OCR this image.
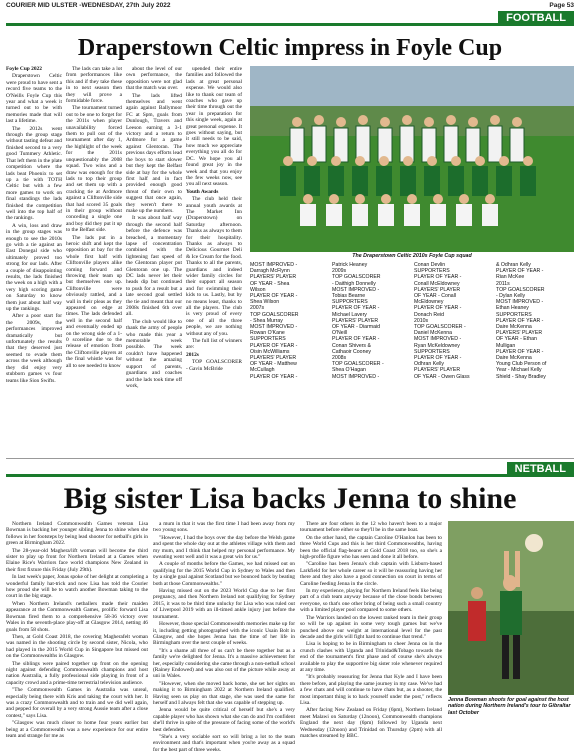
COURIER MID ULSTER -WEDNESDAY, 27th July 2022	Page 53
FOOTBALL
Draperstown Celtic impress in Foyle Cup

Foyle Cup 2022

Draperstown Celtic were proud to have sent a record five teams to the O'Neills Foyle Cup this year and what a week it turned out to be with memories made that will last a lifetime.

The 2012s went through the group stage without tasting defeat and finished second to a very good Tummery Athletic. That left them in the plate competition where the lads beat Phoenix to set up a tie with TOTH Celtic but with a few more games to work on final standings the lads finished the competition well into the top half of the rankings.

A win, loss and draw in the group stages was enough to see the 2010s go with a tie against an East Donegal side who ultimately proved too strong for our lads. After a couple of disappointing results, the lads finished the week on a high with a very high scoring game on Saturday to know them just about half way up the rankings.

After a poor start for the 2009s, the performances improved dramatically but unfortunately the results that they deserved just seemed to evade them across the week although they did enjoy very stubborn games vs four teams like Sion Swifts.

The lads can take a lot from performances like this and if they take these in to next season then they will prove a formidable force.

The tournament turned out to be one to forget for the 2011s when player unavailability forced them to pull out of the tournament after day 1, the highlight of the week for the 2011s unquestionably the 2008 squad. Two wins and a draw was enough for the lads to top their group and set them up with a cracking tie at Ardmore against a Cliftonville side that had scored 35 goals in their group without conceding a single one and boy did they put it up to the Belfast side.

The lads put in a heroic shift and kept the opposition at bay for the whole first half with Cliftonville players alike coming forward and throwing their team up but themselves one up. Cliftonville were obviously rattled, and a wall in their pleas as they appeared on edge at times. The lads defended well in the second half and eventually ended up on the wrong side of a 1-0 scoreline due to the release of emotion from the Cliftonville players at the final whistle was for all to see needed to know

about the level of our own performance, the opposition were not glad that the match was over.

The lads lifted themselves and went again against Ballymoor FC at Spm, goals from Dunlough, Travers and Leeson earning a 3-1 victory and a return to Ardmore for a game against Glentoran. The previous days efforts lead the boys to start slower but they kept the Belfast side at bay for the whole first half and in fact provided enough good threat of their own to suggest that once again, they weren't there to make up the numbers.

It was about half way through the second half before the defence was breached, a momentary lapse of concentration combined with the lightening fast speed of the Glentoran player put Glentoran one up. The DC lads never let their heads dip but continued to push for a result but a late second goal settled the tie and meant that our 2008s finished 6th over all.

The club would like to thank the army of people who made this year a memorable week possible. The week couldn't have happened without the amazing support of parents, guardians and coaches and the lads took time off work,

upended their entire families and followed the lads at great personal expense. We would also like to thank our team of coaches who gave up their time through out the year in preparation for this single week, again at great personal expense. It goes without saying, but it still needs to be said, how much we appreciate everything you all do for DC. We hope you all found great joy in the week and that you enjoy the few weeks now, see you all next season.

Youth Awards

The club held their annual youth awards at The Market Inn (Draperstown) on Saturday afternoon. Thanks as always to them for their hospitality. Thanks as always to Delicious Gourmet Deli & Ice Cream for the food. Thanks to all the parents, guardians and indeed wider family circles for their support all season and for swimming their kids to us. Lastly, but by no means least, thanks to all the players. The club is very proud of every one of all the three people, we are nothing without any of you.

The full list of winners are:

2012s

TOP GOALSCORER - Gavin McBride

The Draperstown Celtic 2010s Foyle Cup squad
MOST IMPROVED -
Darragh McFlynn
PLAYERS' PLAYER
OF YEAR - Shea
Wilson
PLAYER OF YEAR -
Shea Wilson
2007s
TOP GOALSCORER
- Shea Murray
MOST IMPROVED -
Rowan O'Kane
SUPPORTERS
PLAYER OF YEAR -
Oisin McWilliams
PLAYERS' PLAYER
OF YEAR - Matthew
McCullagh
PLAYER OF YEAR -
Patrick Heaney
2009s
TOP GOALSCORER
- Daithigh Donnelly
MOST IMPROVED -
Tobias Bearne
SUPPORTERS
PLAYER OF YEAR -
Michael Lavery
PLAYERS' PLAYER
OF YEAR - Diarmaid
O'Neill
PLAYER OF YEAR -
Conan Shivers &
Cathaoir Cooney
2008s
TOP GOALSCORER -
Shea O'Hagan
MOST IMPROVED -
Conan Devlin
SUPPORTERS
PLAYER OF YEAR -
Conall McEldowney
PLAYERS' PLAYER
OF YEAR - Conall
McEldowney
PLAYER OF YEAR -
Donach Reid
2010s
TOP GOALSCORER -
Daniel McKenna
MOST IMPROVED -
Ryan McKeldowney
SUPPORTERS
PLAYER OF YEAR -
Odhran Kelly
PLAYERS' PLAYER
OF YEAR - Owen Glass
& Odhran Kelly
PLAYER OF YEAR -
Rian McKee
2011s
TOP GOALSCORER
- Dylan Kelly
MOST IMPROVED -
Ethan Heaney
SUPPORTERS
PLAYER OF YEAR -
Daire McKenna
PLAYERS' PLAYER
OF YEAR - Ethan
Mulligan
PLAYER OF YEAR -
Daire McKenna
Young Club Person of
Year - Michael Kelly
Shield - Shay Bradley
NETBALL
Big sister Lisa backs Jenna to shine

Northern Ireland Commonwealth Games veteran Lisa Bowman is backing her younger sibling Jenna to shine when she follows in her footsteps by being lead shooter for netball's girls in green at Birmingham 2022.

The 28-year-old Maghera/lift woman will become the third sister to play up front for Northern Ireland at a Games when Elaine Rice's Warriors face world champions New Zealand in their first fixture this Friday (July 29th).

In last week's paper, Jonas spoke of her delight at completing a wonderful family hat-trick and now Lisa has told the Courier how proud she will be to watch another Bowman taking to the court in the big stage.

When Northern Ireland's netballers made their maiden appearance at the Commonwealth Games, prolific forward Lisa Bowman fired them to a comprehensive 58-36 victory over Wales in the seventh-place play-off at Glasgow 2014, netting 46 goals from 58 shots.

Then, at Gold Coast 2018, the covering Magherafelt woman was named in the shooting circle by second sister, Nicola, who had played in the 2015 World Cup in Singapore but missed out on the Commonwealths in Glasgow.

The siblings were paired together up front on the opening night against defending Commonwealth champions and host nation Australia, a fully professional side playing in front of a capacity crowd and a prime-time terrestrial television audience.

"The Commonwealth Games in Australia was unreal, especially being there with Kris and taking the court with her. It was a crazy Commonwealth and to train and we did well again, and pepped for overall by a very strong Aussie team after a close contest," says Lisa.

"Glasgow was much closer to home four years earlier but being at a Commonwealth was a new experience for our entire team and strange for me as

a mum in that it was the first time I had been away from my two young sons.

"However, I had the boys over the day before the Welsh game and spent the whole day out at the athletes village with them and my mum, and I think that helped my personal performance. My sweating went well and it was a great win for us."

A couple of months before the Games, we had missed out on qualifying for the 2015 World Cup in Sydney to Wales and then by a single goal against Scotland but we bounced back by beating both at those Commonwealths."

Having missed out on the 2023 World Cup due to her first pregnancy, and then Northern Ireland not qualifying for Sydney 2015, it was to be third time unlucky for Lisa who was ruled out of Liverpool 2019 with an ill-timed ankle injury just before the tournament.

However, those special Commonwealth memories make up for it, including getting photographed with the iconic Usain Bolt in Glasgow, and she hopes Jenna has the time of her life in Birmingham over the next couple of weeks.

"It's a shame all three of us can't be there together but as a family we're delighted for Jenna. It's a massive achievement for her, especially considering she came through a non-netball school (Rainey Endowed) and was also out of the picture while away at uni in Wales.

"However, when she moved back home, she set her sights on making it to Birmingham 2022 at Northern Ireland qualified. Having seen us play on that stage, she was used the same for herself and I always felt that she was capable of stepping up.

Jenna would be quite critical of herself but she's a very capable player who has shown what she can do and I'm confident she'll thrive in spite of the pressure of facing some of the world's best defenders.

"She's a very sociable sort so will bring a lot to the team environment and that's important when you're away as a squad for the best part of three weeks.

There are four others in the 12 who haven't been to a major tournament before either so they'll be in the same boat.

On the other hand, the captain Caroline O'Hanlon has been to three World Cups and this is her third Commonwealths, having been the official flag-bearer at Gold Coast 2018 too, so she's a high-profile figure who has seen and done it all before.

"Caroline has been Jenna's club captain with Lisburn-based Larkfield for her whole career so it will be reassuring having her there and they also have a good connection on court in terms of Caroline feeding Jenna in the circle.

In my experience, playing for Northern Ireland feels like being part of a club team anyway because of the close bonds between everyone, so that's one other bring of being such a small country with a limited player pool compared to some others.

The Warriors landed on the lowest ranked team in their group so will be up against in some very tough games but we've punched above our weight at international level for the past decade and the girls will fight hard to continue that trend."

Lisa is hoping to be in Birmingham to cheer Jenna on in the crunch clashes with Uganda and Trinidad&Tobago towards the end of the tournament's first phase and of course she's always available to play the supportive big sister role whenever required at any time.

"It's probably reassuring for Jenna that Kyle and I have been there before, and playing the same journey in my case. We've had a few chats and will continue to have chats but, as a shooter, the most important thing is to back yourself under the post," reflects Lisa.

After facing New Zealand on Friday (6pm), Northern Ireland meet Malawi on Saturday (12noon), Commonwealth champions England the next day (6pm) followed by Uganda next Wednesday (12noon) and Trinidad on Thursday (2pm) with all matches streamed by BBC.

Jenna Bowman shoots for goal against the host nation during Northern Ireland's tour to Gibraltar last October
